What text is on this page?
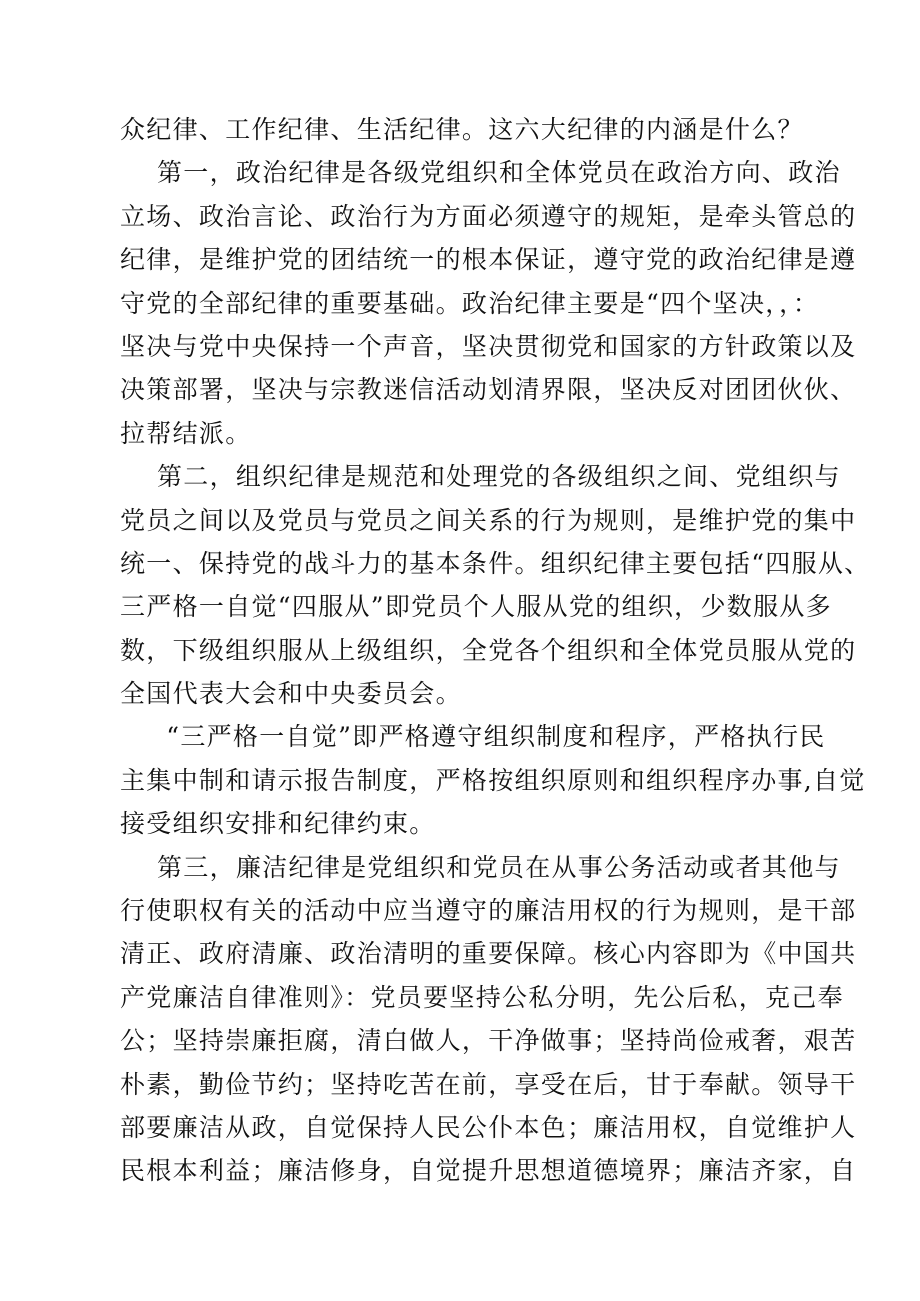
众纪律、工作纪律、生活纪律。这六大纪律的内涵是什么？
第一，政治纪律是各级党组织和全体党员在政治方向、政治
立场、政治言论、政治行为方面必须遵守的规矩，是牵头管总的
纪律，是维护党的团结统一的根本保证，遵守党的政治纪律是遵
守党的全部纪律的重要基础。政治纪律主要是“四个坚决，，：
坚决与党中央保持一个声音，坚决贯彻党和国家的方针政策以及
决策部署，坚决与宗教迷信活动划清界限，坚决反对团团伙伙、
拉帮结派。
第二，组织纪律是规范和处理党的各级组织之间、党组织与
党员之间以及党员与党员之间关系的行为规则，是维护党的集中
统一、保持党的战斗力的基本条件。组织纪律主要包括“四服从、
三严格一自觉“四服从”即党员个人服从党的组织，少数服从多
数，下级组织服从上级组织，全党各个组织和全体党员服从党的
全国代表大会和中央委员会。
“三严格一自觉”即严格遵守组织制度和程序，严格执行民
主集中制和请示报告制度，严格按组织原则和组织程序办事,自觉
接受组织安排和纪律约束。
第三，廉洁纪律是党组织和党员在从事公务活动或者其他与
行使职权有关的活动中应当遵守的廉洁用权的行为规则，是干部
清正、政府清廉、政治清明的重要保障。核心内容即为《中国共
产党廉洁自律准则》：党员要坚持公私分明，先公后私，克己奉
公；坚持崇廉拒腐，清白做人，干净做事；坚持尚俭戒奢，艰苦
朴素，勤俭节约；坚持吃苦在前，享受在后，甘于奉献。领导干
部要廉洁从政，自觉保持人民公仆本色；廉洁用权，自觉维护人
民根本利益；廉洁修身，自觉提升思想道德境界；廉洁齐家，自
